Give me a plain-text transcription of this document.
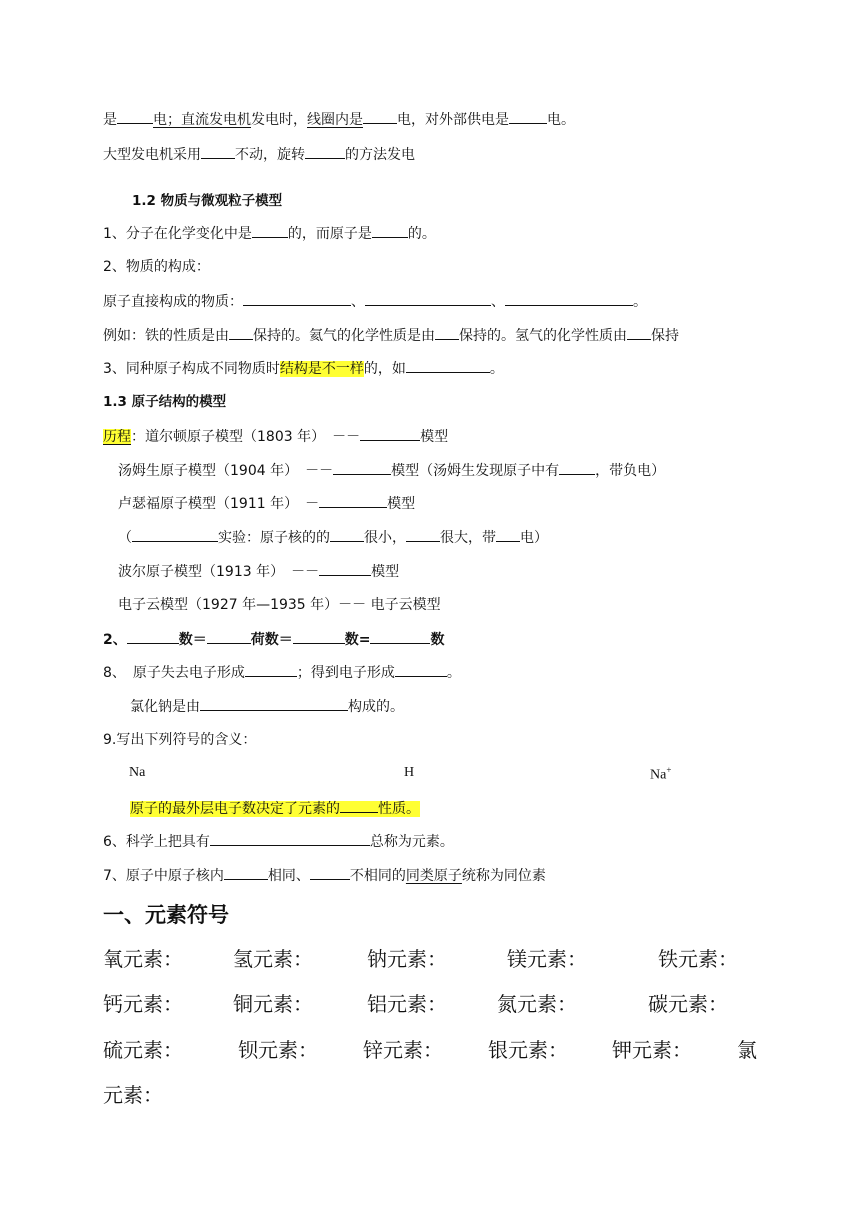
是	电；直流发电机发电时，线圈内是 电，对外部供电是	电。
大型发电机采用 不动，旋转	的方法发电
1.2 物质与微观粒子模型
1、分子在化学变化中是	的，而原子是	的。
2、物质的构成：
原子直接构成的物质：	、	、	。
例如：铁的性质是由 保持的。氦气的化学性质是由 保持的。氢气的化学性质由 保持
3、同种原子构成不同物质时结构是不一样的，如	。
1.3 原子结构的模型
历程：道尔顿原子模型（1803 年）　－－	模型
汤姆生原子模型（1904 年）　－－	模型（汤姆生发现原子中有	，带负电）
卢瑟福原子模型（1911 年）　－	模型
（	实验：原子核的的 很小， 很大，带 电）
波尔原子模型（1913 年）　－－	模型
电子云模型（1927 年—1935 年）－－ 电子云模型
2、	数＝	荷数＝	数=	数
8、　原子失去电子形成	；得到电子形成	。
氯化钠是由	构成的。
9.写出下列符号的含义：
Na	H	Na+
原子的最外层电子数决定了元素的	性质。
6、科学上把具有	总称为元素。
7、原子中原子核内	相同、	不相同的同类原子统称为同位素
一、元素符号
氧元素：	氢元素：	钠元素：	镁元素：	铁元素：
钙元素：	铜元素：	铝元素：	氮元素：	碳元素：
硫元素：	钡元素： 锌元素： 银元素： 钾元素： 氯
元素：
